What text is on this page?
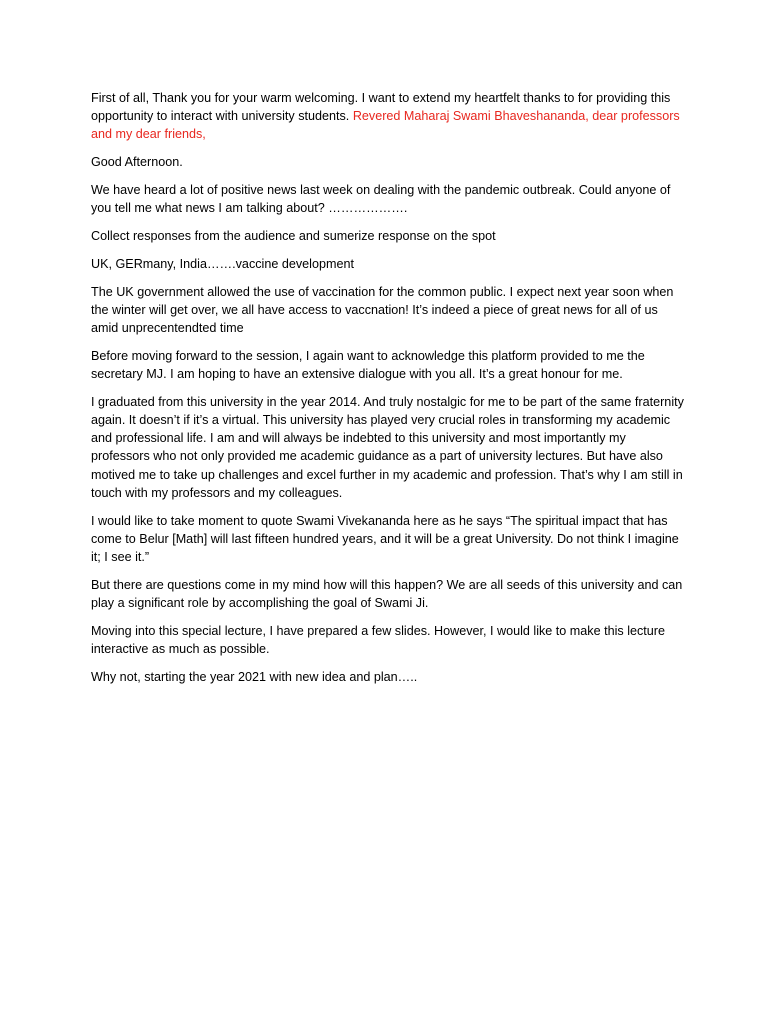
First of all, Thank you for your warm welcoming. I want to extend my heartfelt thanks to for providing this opportunity to interact with university students. Revered Maharaj Swami Bhaveshananda, dear professors and my dear friends,

Good Afternoon.

We have heard a lot of positive news last week on dealing with the pandemic outbreak. Could anyone of you tell me what news I am talking about? ……………….

Collect responses from the audience and sumerize response on the spot

UK, GERmany, India…….vaccine development

The UK government allowed the use of vaccination for the common public. I expect next year soon when the winter will get over, we all have access to vaccnation! It’s indeed a piece of great news for all of us amid unprecentendted time

Before moving forward to the session, I again want to acknowledge this platform provided to me the secretary MJ. I am hoping to have an extensive dialogue with you all. It’s a great honour for me.

I graduated from this university in the year 2014. And truly nostalgic for me to be part of the same fraternity again. It doesn’t if it’s a virtual. This university has played very crucial roles in transforming my academic and professional life. I am and will always be indebted to this university and most importantly my professors who not only provided me academic guidance as a part of university lectures. But have also motived me to take up challenges and excel further in my academic and profession. That’s why I am still in touch with my professors and my colleagues.

I would like to take moment to quote Swami Vivekananda here as he says “The spiritual impact that has come to Belur [Math] will last fifteen hundred years, and it will be a great University. Do not think I imagine it; I see it.”

But there are questions come in my mind how will this happen? We are all seeds of this university and can play a significant role by accomplishing the goal of Swami Ji.

Moving into this special lecture, I have prepared a few slides. However, I would like to make this lecture interactive as much as possible.

Why not, starting the year 2021 with new idea and plan…..
